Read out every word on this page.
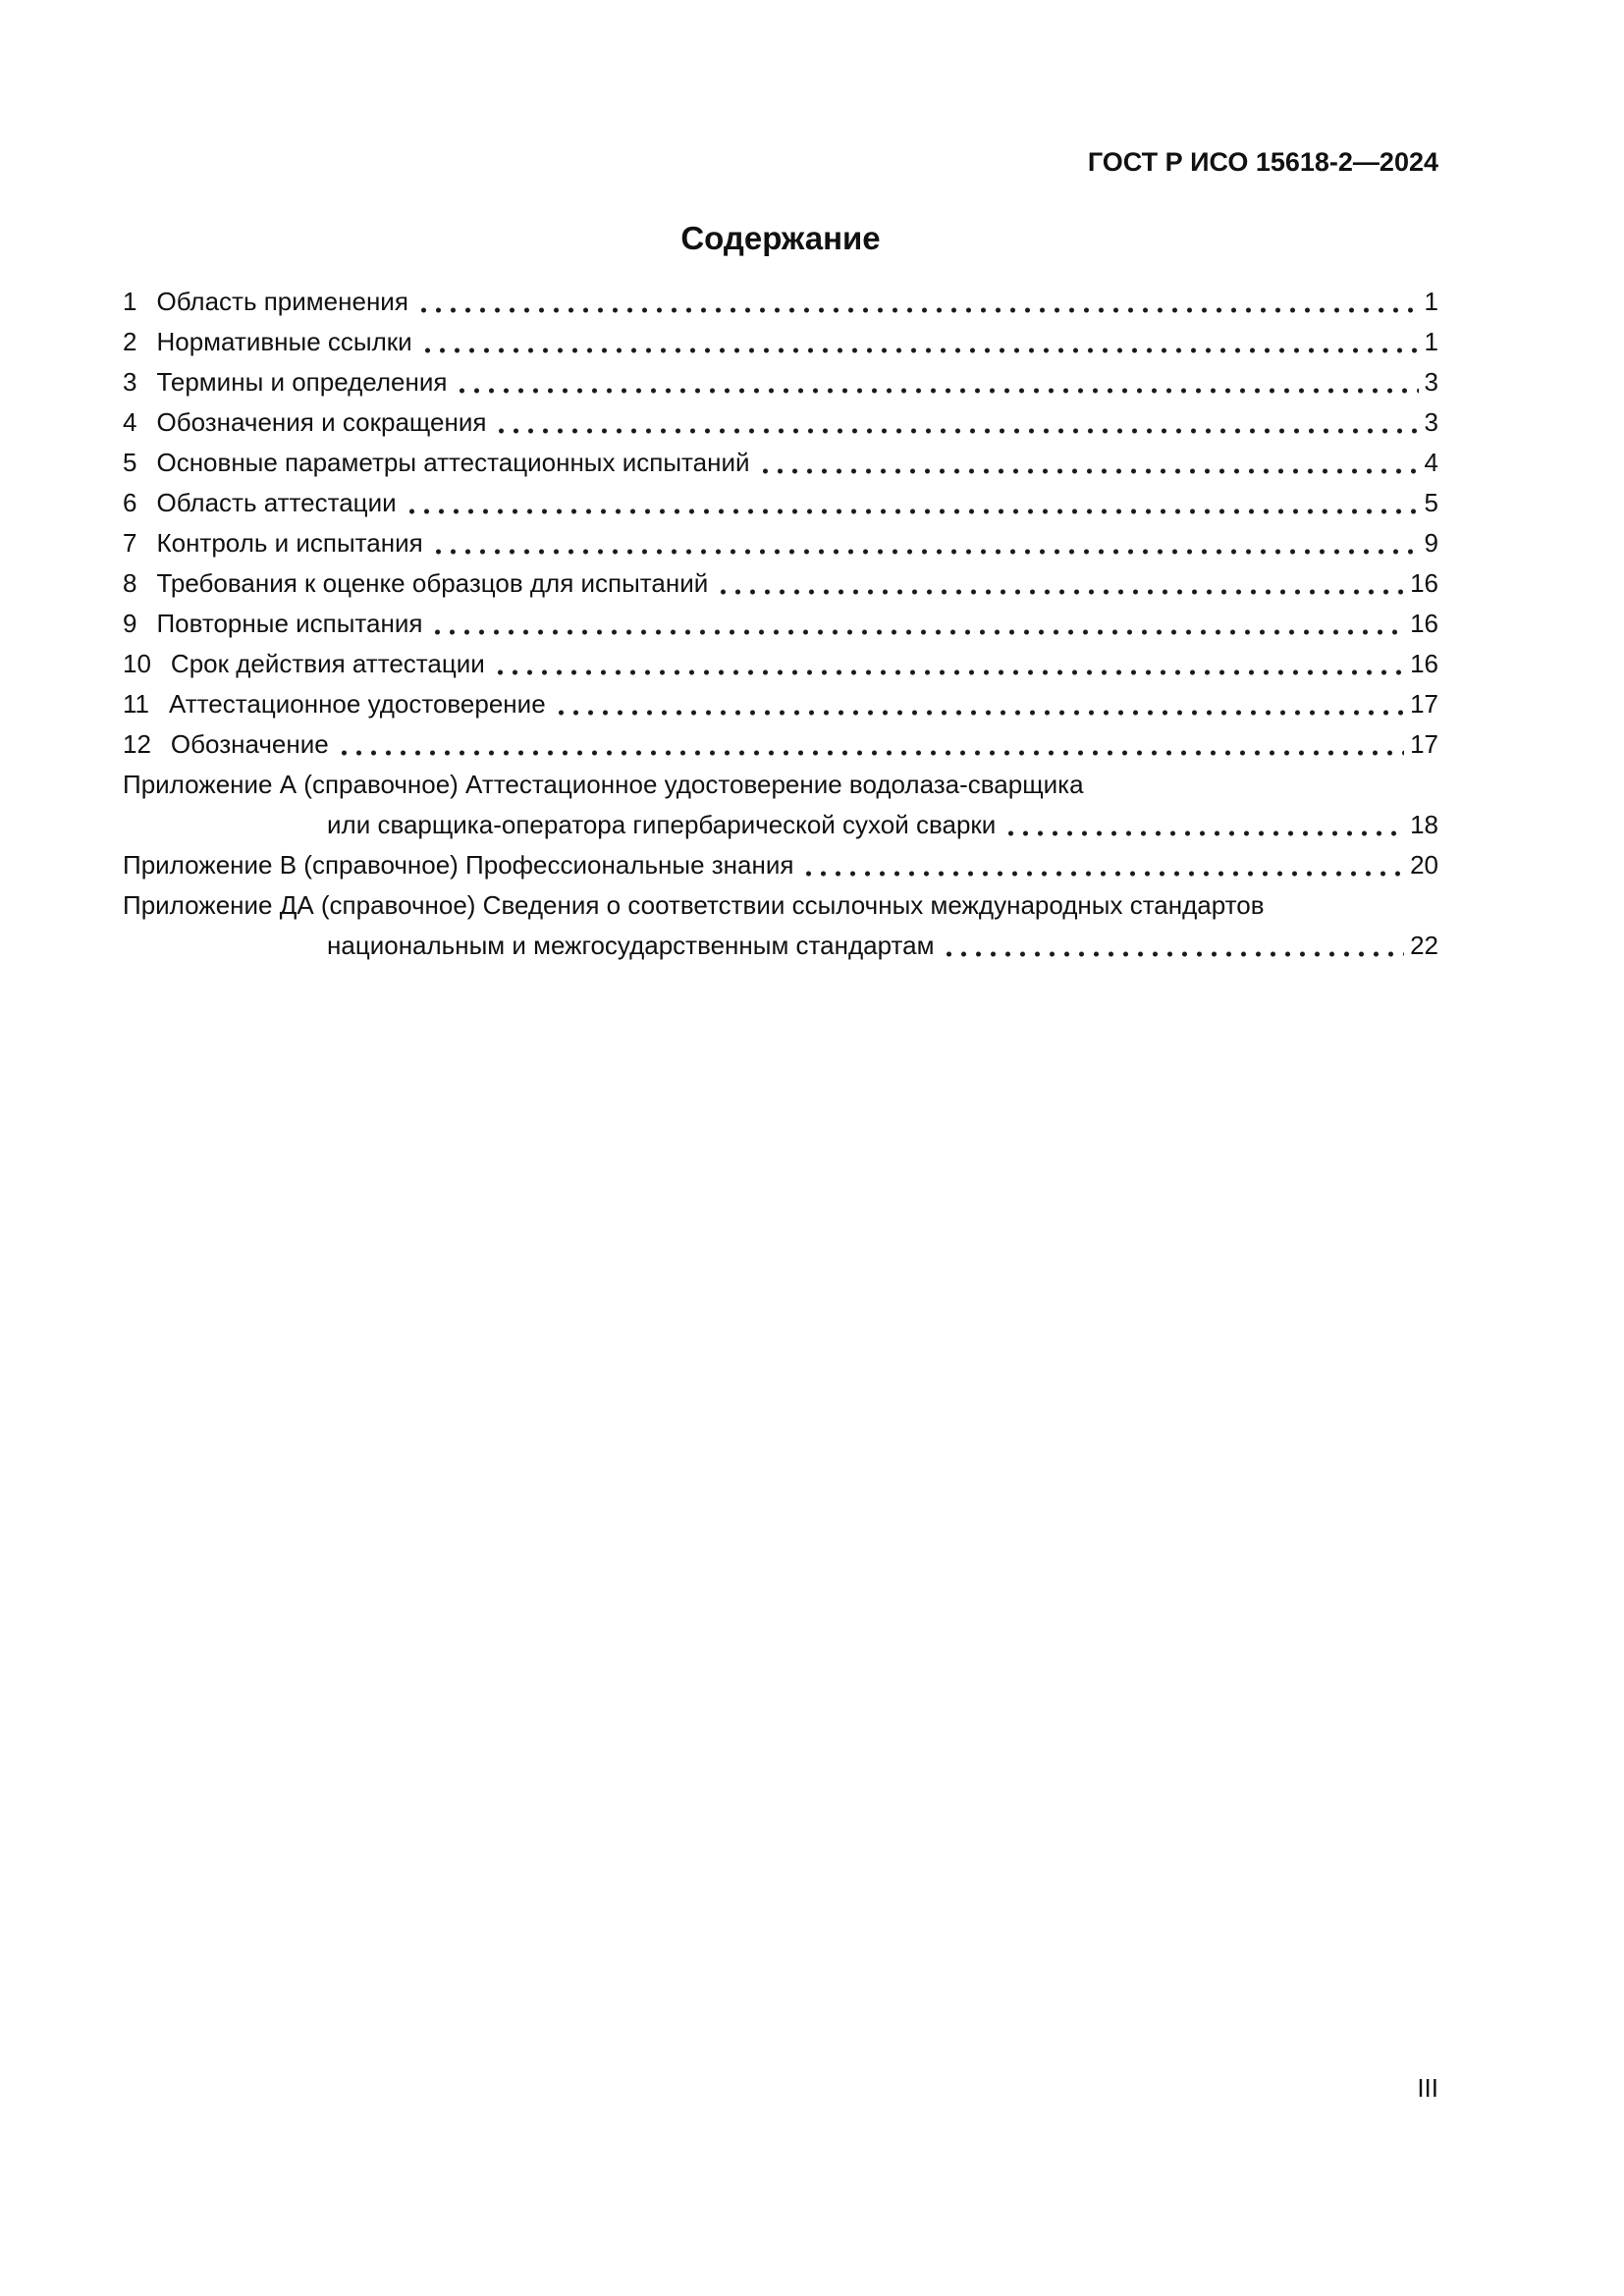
ГОСТ Р ИСО 15618-2—2024
Содержание
1 Область применения	1
2 Нормативные ссылки	1
3 Термины и определения	3
4 Обозначения и сокращения	3
5 Основные параметры аттестационных испытаний	4
6 Область аттестации	5
7 Контроль и испытания	9
8 Требования к оценке образцов для испытаний	16
9 Повторные испытания	16
10 Срок действия аттестации	16
11 Аттестационное удостоверение	17
12 Обозначение	17
Приложение А (справочное) Аттестационное удостоверение водолаза-сварщика
или сварщика-оператора гипербарической сухой сварки	18
Приложение В (справочное) Профессиональные знания	20
Приложение ДА (справочное) Сведения о соответствии ссылочных международных стандартов
национальным и межгосударственным стандартам	22
III
